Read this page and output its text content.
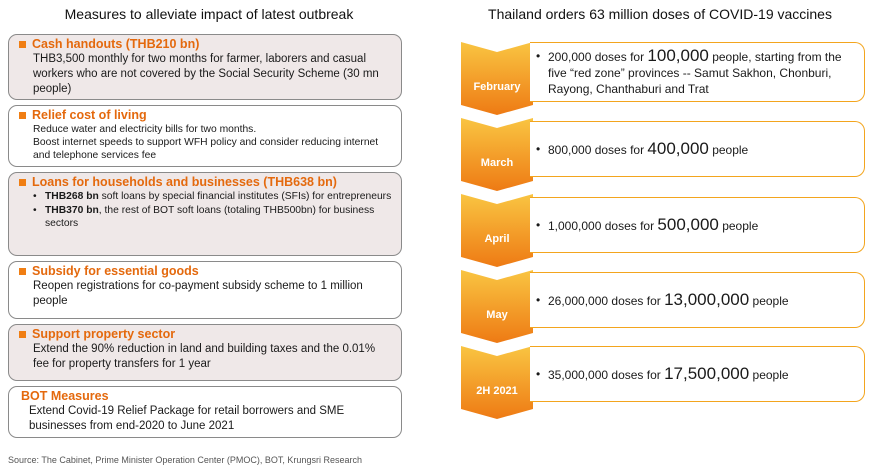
Measures to alleviate impact of latest outbreak	Thailand orders 63 million doses of COVID-19 vaccines
Cash handouts (THB210 bn)
THB3,500 monthly for two months for farmer, laborers and casual workers who are not covered by the Social Security Scheme (30 mn people)
Relief cost of living
Reduce water and electricity bills for two months.
Boost internet speeds to support WFH policy and consider reducing internet and telephone services fee
Loans for households and businesses (THB638 bn)
• THB268 bn soft loans by special financial institutes (SFIs) for entrepreneurs
• THB370 bn, the rest of BOT soft loans (totaling THB500bn) for business sectors
Subsidy for essential goods
Reopen registrations for co-payment subsidy scheme to 1 million people
Support property sector
Extend the 90% reduction in land and building taxes and the 0.01% fee for property transfers for 1 year
BOT Measures
Extend Covid-19 Relief Package for retail borrowers and SME businesses from end-2020 to June 2021
Source: The Cabinet, Prime Minister Operation Center (PMOC), BOT, Krungsri Research
February
March
April
May
2H 2021
• 200,000 doses for 100,000 people, starting from the five “red zone” provinces -- Samut Sakhon, Chonburi, Rayong, Chanthaburi and Trat
• 800,000 doses for 400,000 people
• 1,000,000 doses for 500,000 people
• 26,000,000 doses for 13,000,000 people
• 35,000,000 doses for 17,500,000 people
